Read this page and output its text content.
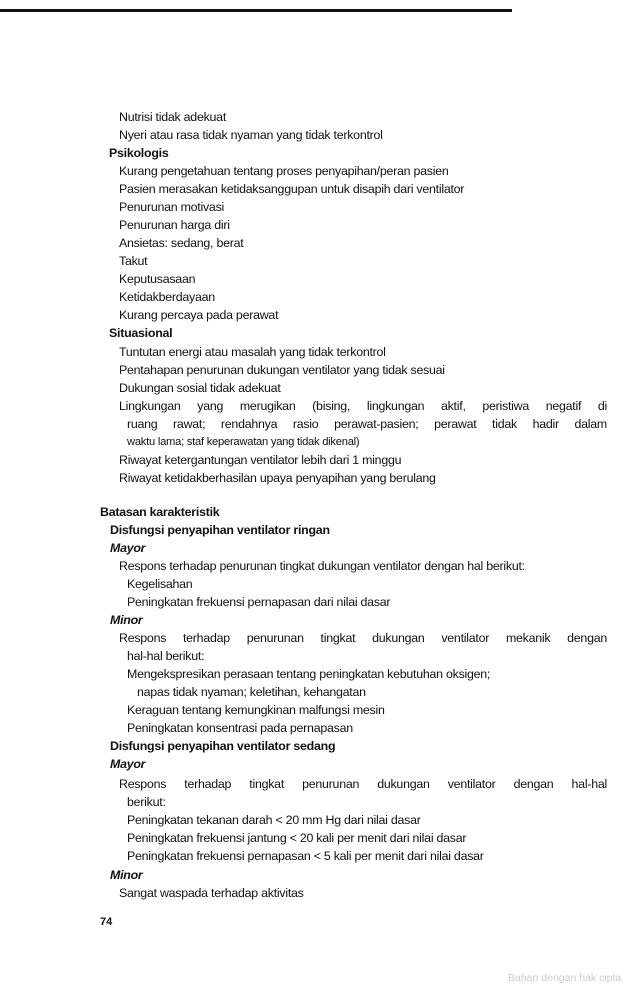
Nutrisi tidak adekuat
Nyeri atau rasa tidak nyaman yang tidak terkontrol
Psikologis
Kurang pengetahuan tentang proses penyapihan/peran pasien
Pasien merasakan ketidaksanggupan untuk disapih dari ventilator
Penurunan motivasi
Penurunan harga diri
Ansietas: sedang, berat
Takut
Keputusasaan
Ketidakberdayaan
Kurang percaya pada perawat
Situasional
Tuntutan energi atau masalah yang tidak terkontrol
Pentahapan penurunan dukungan ventilator yang tidak sesuai
Dukungan sosial tidak adekuat
Lingkungan yang merugikan (bising, lingkungan aktif, peristiwa negatif di
ruang rawat; rendahnya rasio perawat-pasien; perawat tidak hadir dalam
waktu lama; staf keperawatan yang tidak dikenal)
Riwayat ketergantungan ventilator lebih dari 1 minggu
Riwayat ketidakberhasilan upaya penyapihan yang berulang
Batasan karakteristik
Disfungsi penyapihan ventilator ringan
Mayor
Respons terhadap penurunan tingkat dukungan ventilator dengan hal berikut:
Kegelisahan
Peningkatan frekuensi pernapasan dari nilai dasar
Minor
Respons terhadap penurunan tingkat dukungan ventilator mekanik dengan
hal-hal berikut:
Mengekspresikan perasaan tentang peningkatan kebutuhan oksigen;
napas tidak nyaman; keletihan, kehangatan
Keraguan tentang kemungkinan malfungsi mesin
Peningkatan konsentrasi pada pernapasan
Disfungsi penyapihan ventilator sedang
Mayor
Respons terhadap tingkat penurunan dukungan ventilator dengan hal-hal
berikut:
Peningkatan tekanan darah < 20 mm Hg dari nilai dasar
Peningkatan frekuensi jantung < 20 kali per menit dari nilai dasar
Peningkatan frekuensi pernapasan < 5 kali per menit dari nilai dasar
Minor
Sangat waspada terhadap aktivitas
74
Bahan dengan hak cipta
